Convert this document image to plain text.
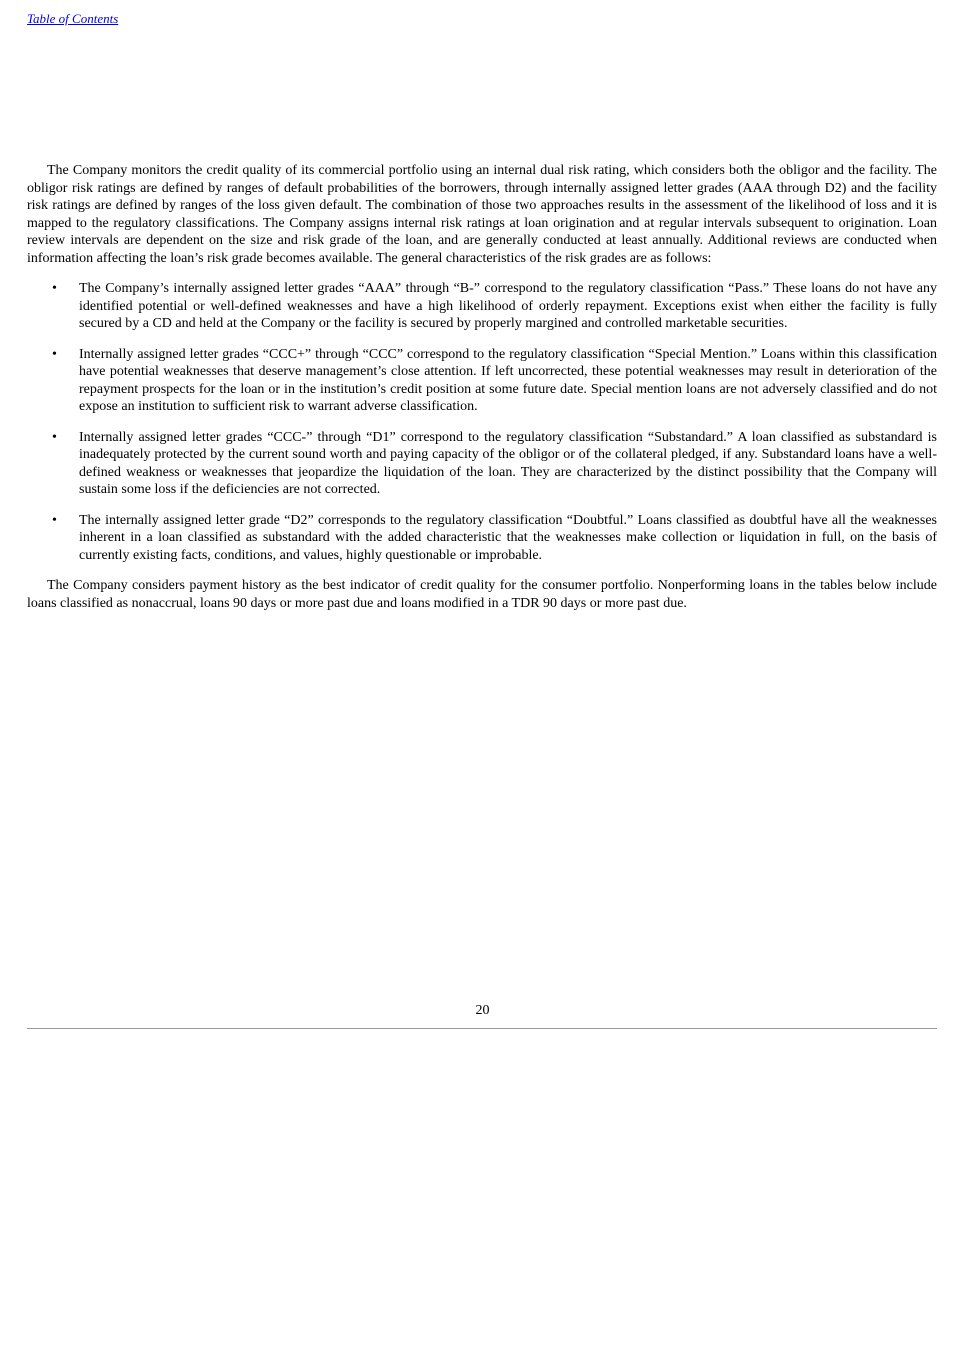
Table of Contents

The Company monitors the credit quality of its commercial portfolio using an internal dual risk rating, which considers both the obligor and the facility. The obligor risk ratings are defined by ranges of default probabilities of the borrowers, through internally assigned letter grades (AAA through D2) and the facility risk ratings are defined by ranges of the loss given default. The combination of those two approaches results in the assessment of the likelihood of loss and it is mapped to the regulatory classifications. The Company assigns internal risk ratings at loan origination and at regular intervals subsequent to origination. Loan review intervals are dependent on the size and risk grade of the loan, and are generally conducted at least annually. Additional reviews are conducted when information affecting the loan’s risk grade becomes available. The general characteristics of the risk grades are as follows:

• The Company’s internally assigned letter grades “AAA” through “B-” correspond to the regulatory classification “Pass.” These loans do not have any identified potential or well-defined weaknesses and have a high likelihood of orderly repayment. Exceptions exist when either the facility is fully secured by a CD and held at the Company or the facility is secured by properly margined and controlled marketable securities.
• Internally assigned letter grades “CCC+” through “CCC” correspond to the regulatory classification “Special Mention.” Loans within this classification have potential weaknesses that deserve management’s close attention. If left uncorrected, these potential weaknesses may result in deterioration of the repayment prospects for the loan or in the institution’s credit position at some future date. Special mention loans are not adversely classified and do not expose an institution to sufficient risk to warrant adverse classification.
• Internally assigned letter grades “CCC-” through “D1” correspond to the regulatory classification “Substandard.” A loan classified as substandard is inadequately protected by the current sound worth and paying capacity of the obligor or of the collateral pledged, if any. Substandard loans have a well-defined weakness or weaknesses that jeopardize the liquidation of the loan. They are characterized by the distinct possibility that the Company will sustain some loss if the deficiencies are not corrected.
• The internally assigned letter grade “D2” corresponds to the regulatory classification “Doubtful.” Loans classified as doubtful have all the weaknesses inherent in a loan classified as substandard with the added characteristic that the weaknesses make collection or liquidation in full, on the basis of currently existing facts, conditions, and values, highly questionable or improbable.

The Company considers payment history as the best indicator of credit quality for the consumer portfolio. Nonperforming loans in the tables below include loans classified as nonaccrual, loans 90 days or more past due and loans modified in a TDR 90 days or more past due.

20
